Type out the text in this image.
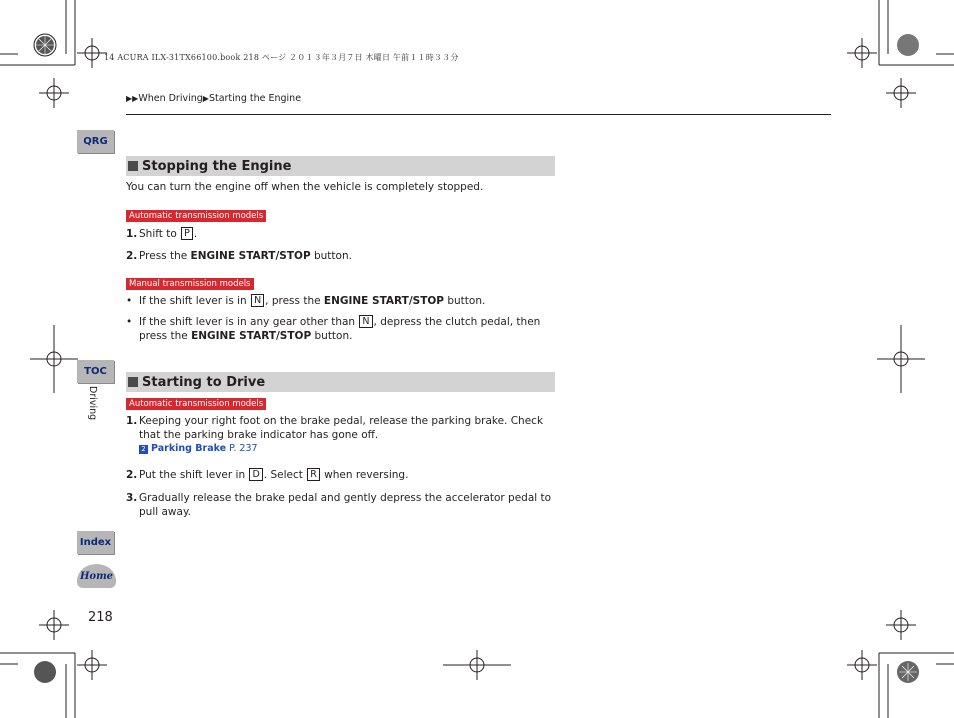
14 ACURA ILX-31TX66100.book 218 ページ ２０１３年３月７日 木曜日 午前１１時３３分
▶▶When Driving▶Starting the Engine
QRG
TOC
Driving
Index
Home
218
Stopping the Engine
You can turn the engine off when the vehicle is completely stopped.
Automatic transmission models
1. Shift to P .
2. Press the ENGINE START/STOP button.
Manual transmission models
• If the shift lever is in N , press the ENGINE START/STOP button.
• If the shift lever is in any gear other than N , depress the clutch pedal, then press the ENGINE START/STOP button.
Starting to Drive
Automatic transmission models
1. Keeping your right foot on the brake pedal, release the parking brake. Check that the parking brake indicator has gone off.
2 Parking Brake P. 237
2. Put the shift lever in D . Select R when reversing.
3. Gradually release the brake pedal and gently depress the accelerator pedal to pull away.
